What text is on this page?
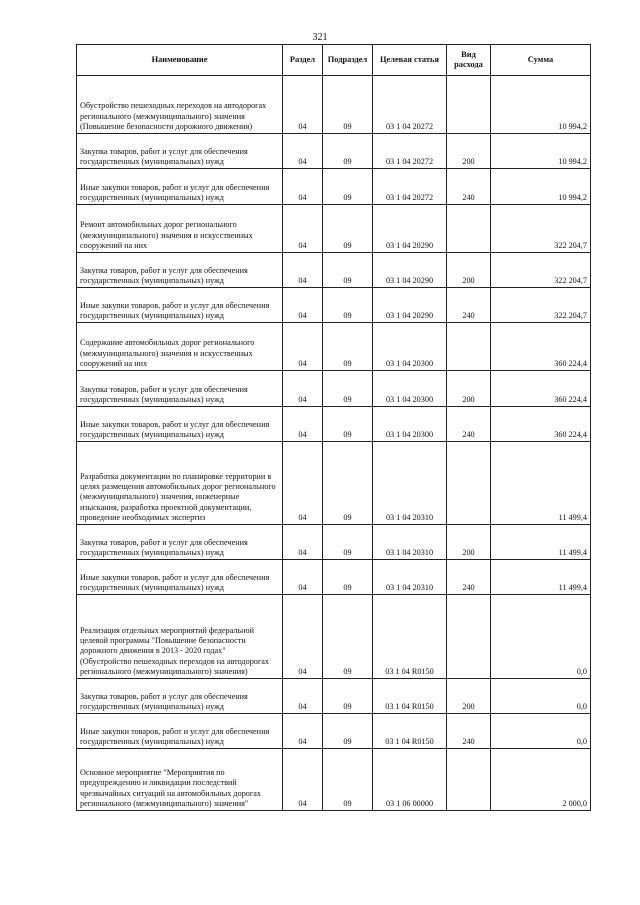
321
Наименование	Раздел	Подраздел	Целевая статья	Вид расхода	Сумма
Обустройство пешеходных переходов на автодорогах регионального (межмуниципального) значения (Повышение безопасности дорожного движения)	04	09	03 1 04 20272		10 994,2
Закупка товаров, работ и услуг для обеспечения государственных (муниципальных) нужд	04	09	03 1 04 20272	200	10 994,2
Иные закупки товаров, работ и услуг для обеспечения государственных (муниципальных) нужд	04	09	03 1 04 20272	240	10 994,2
Ремонт автомобильных дорог регионального (межмуниципального) значения и искусственных сооружений на них	04	09	03 1 04 20290		322 204,7
Закупка товаров, работ и услуг для обеспечения государственных (муниципальных) нужд	04	09	03 1 04 20290	200	322 204,7
Иные закупки товаров, работ и услуг для обеспечения государственных (муниципальных) нужд	04	09	03 1 04 20290	240	322 204,7
Содержание автомобильных дорог регионального (межмуниципального) значения и искусственных сооружений на них	04	09	03 1 04 20300		360 224,4
Закупка товаров, работ и услуг для обеспечения государственных (муниципальных) нужд	04	09	03 1 04 20300	200	360 224,4
Иные закупки товаров, работ и услуг для обеспечения государственных (муниципальных) нужд	04	09	03 1 04 20300	240	360 224,4
Разработка документации по планировке территории в целях размещения автомобильных дорог регионального (межмуниципального) значения, инженерные изыскания, разработка проектной документации, проведение необходимых экспертиз	04	09	03 1 04 20310		11 499,4
Закупка товаров, работ и услуг для обеспечения государственных (муниципальных) нужд	04	09	03 1 04 20310	200	11 499,4
Иные закупки товаров, работ и услуг для обеспечения государственных (муниципальных) нужд	04	09	03 1 04 20310	240	11 499,4
Реализация отдельных мероприятий федеральной целевой программы "Повышение безопасности дорожного движения в 2013 - 2020 годах" (Обустройство пешеходных переходов на автодорогах регионального (межмуниципального) значения)	04	09	03 1 04 R0150		0,0
Закупка товаров, работ и услуг для обеспечения государственных (муниципальных) нужд	04	09	03 1 04 R0150	200	0,0
Иные закупки товаров, работ и услуг для обеспечения государственных (муниципальных) нужд	04	09	03 1 04 R0150	240	0,0
Основное мероприятие "Мероприятия по предупреждению и ликвидации последствий чрезвычайных ситуаций на автомобильных дорогах регионального (межмуниципального) значения"	04	09	03 1 06 00000		2 000,0
